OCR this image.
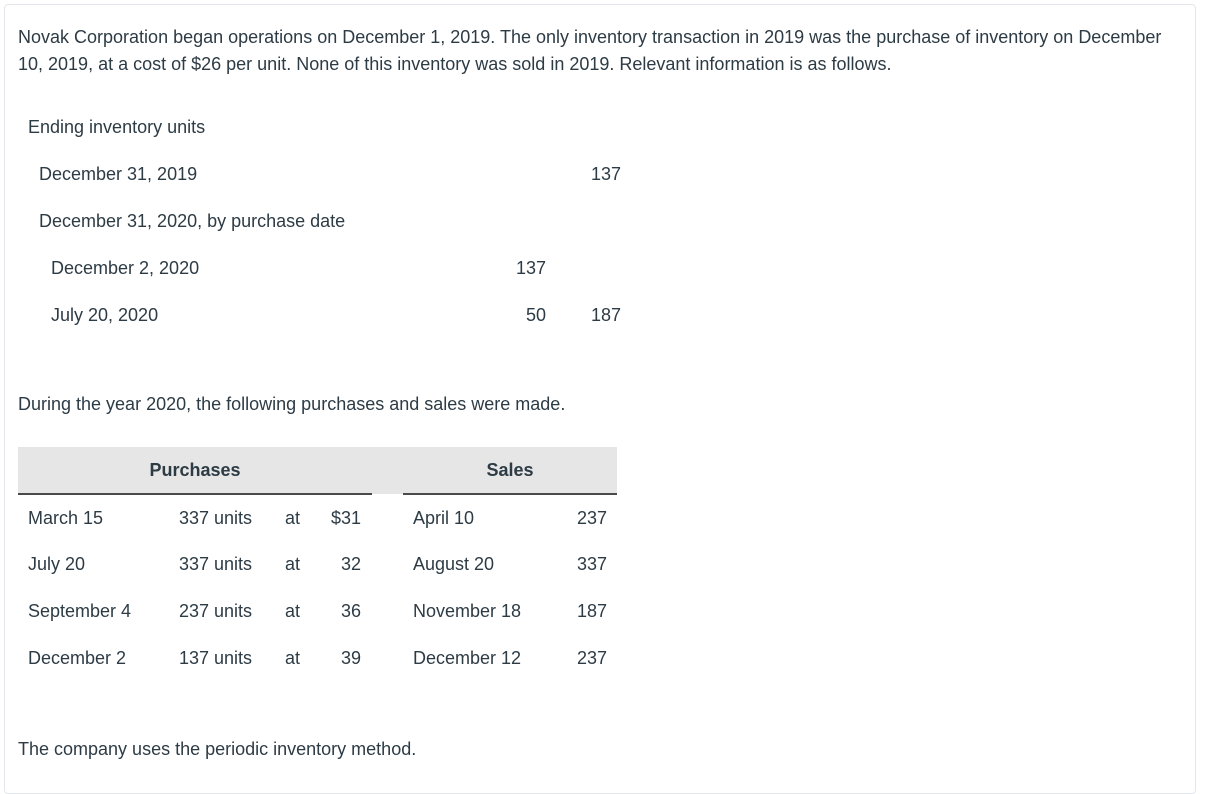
Novak Corporation began operations on December 1, 2019. The only inventory transaction in 2019 was the purchase of inventory on December 10, 2019, at a cost of $26 per unit. None of this inventory was sold in 2019. Relevant information is as follows.

Ending inventory units		
December 31, 2019		137
December 31, 2020, by purchase date		
December 2, 2020	137	
July 20, 2020	50	187

During the year 2020, the following purchases and sales were made.

Purchases					Sales	
March 15	337 units	at	$31		April 10	237
July 20	337 units	at	32		August 20	337
September 4	237 units	at	36		November 18	187
December 2	137 units	at	39		December 12	237

The company uses the periodic inventory method.
